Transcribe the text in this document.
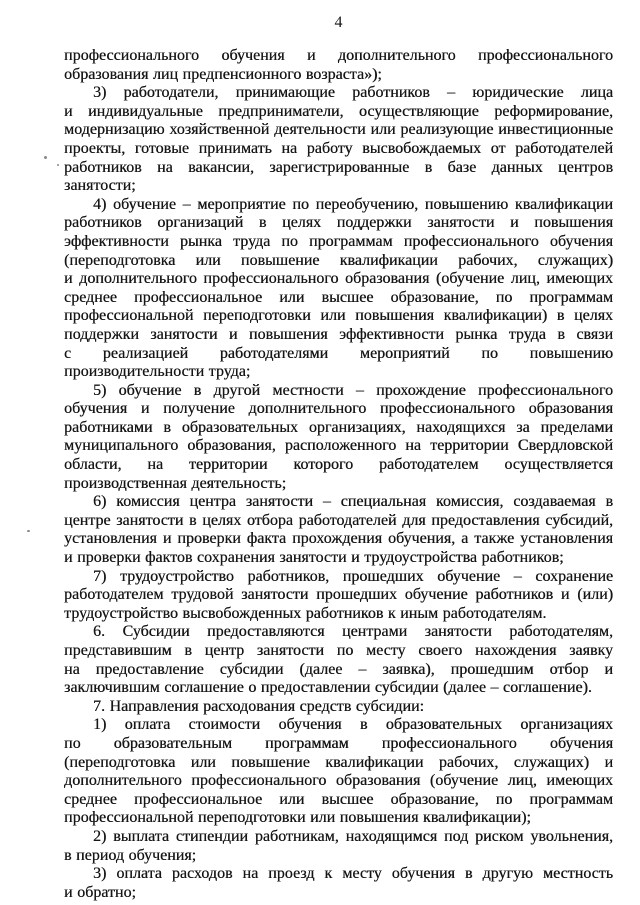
4

профессионального обучения и дополнительного профессионального образования лиц предпенсионного возраста»);

3) работодатели, принимающие работников – юридические лица и индивидуальные предприниматели, осуществляющие реформирование, модернизацию хозяйственной деятельности или реализующие инвестиционные проекты, готовые принимать на работу высвобождаемых от работодателей работников на вакансии, зарегистрированные в базе данных центров занятости;

4) обучение – мероприятие по переобучению, повышению квалификации работников организаций в целях поддержки занятости и повышения эффективности рынка труда по программам профессионального обучения (переподготовка или повышение квалификации рабочих, служащих) и дополнительного профессионального образования (обучение лиц, имеющих среднее профессиональное или высшее образование, по программам профессиональной переподготовки или повышения квалификации) в целях поддержки занятости и повышения эффективности рынка труда в связи с реализацией работодателями мероприятий по повышению производительности труда;

5) обучение в другой местности – прохождение профессионального обучения и получение дополнительного профессионального образования работниками в образовательных организациях, находящихся за пределами муниципального образования, расположенного на территории Свердловской области, на территории которого работодателем осуществляется производственная деятельность;

6) комиссия центра занятости – специальная комиссия, создаваемая в центре занятости в целях отбора работодателей для предоставления субсидий, установления и проверки факта прохождения обучения, а также установления и проверки фактов сохранения занятости и трудоустройства работников;

7) трудоустройство работников, прошедших обучение – сохранение работодателем трудовой занятости прошедших обучение работников и (или) трудоустройство высвобожденных работников к иным работодателям.

6. Субсидии предоставляются центрами занятости работодателям, представившим в центр занятости по месту своего нахождения заявку на предоставление субсидии (далее – заявка), прошедшим отбор и заключившим соглашение о предоставлении субсидии (далее – соглашение).

7. Направления расходования средств субсидии:

1) оплата стоимости обучения в образовательных организациях по образовательным программам профессионального обучения (переподготовка или повышение квалификации рабочих, служащих) и дополнительного профессионального образования (обучение лиц, имеющих среднее профессиональное или высшее образование, по программам профессиональной переподготовки или повышения квалификации);

2) выплата стипендии работникам, находящимся под риском увольнения, в период обучения;

3) оплата расходов на проезд к месту обучения в другую местность и обратно;
